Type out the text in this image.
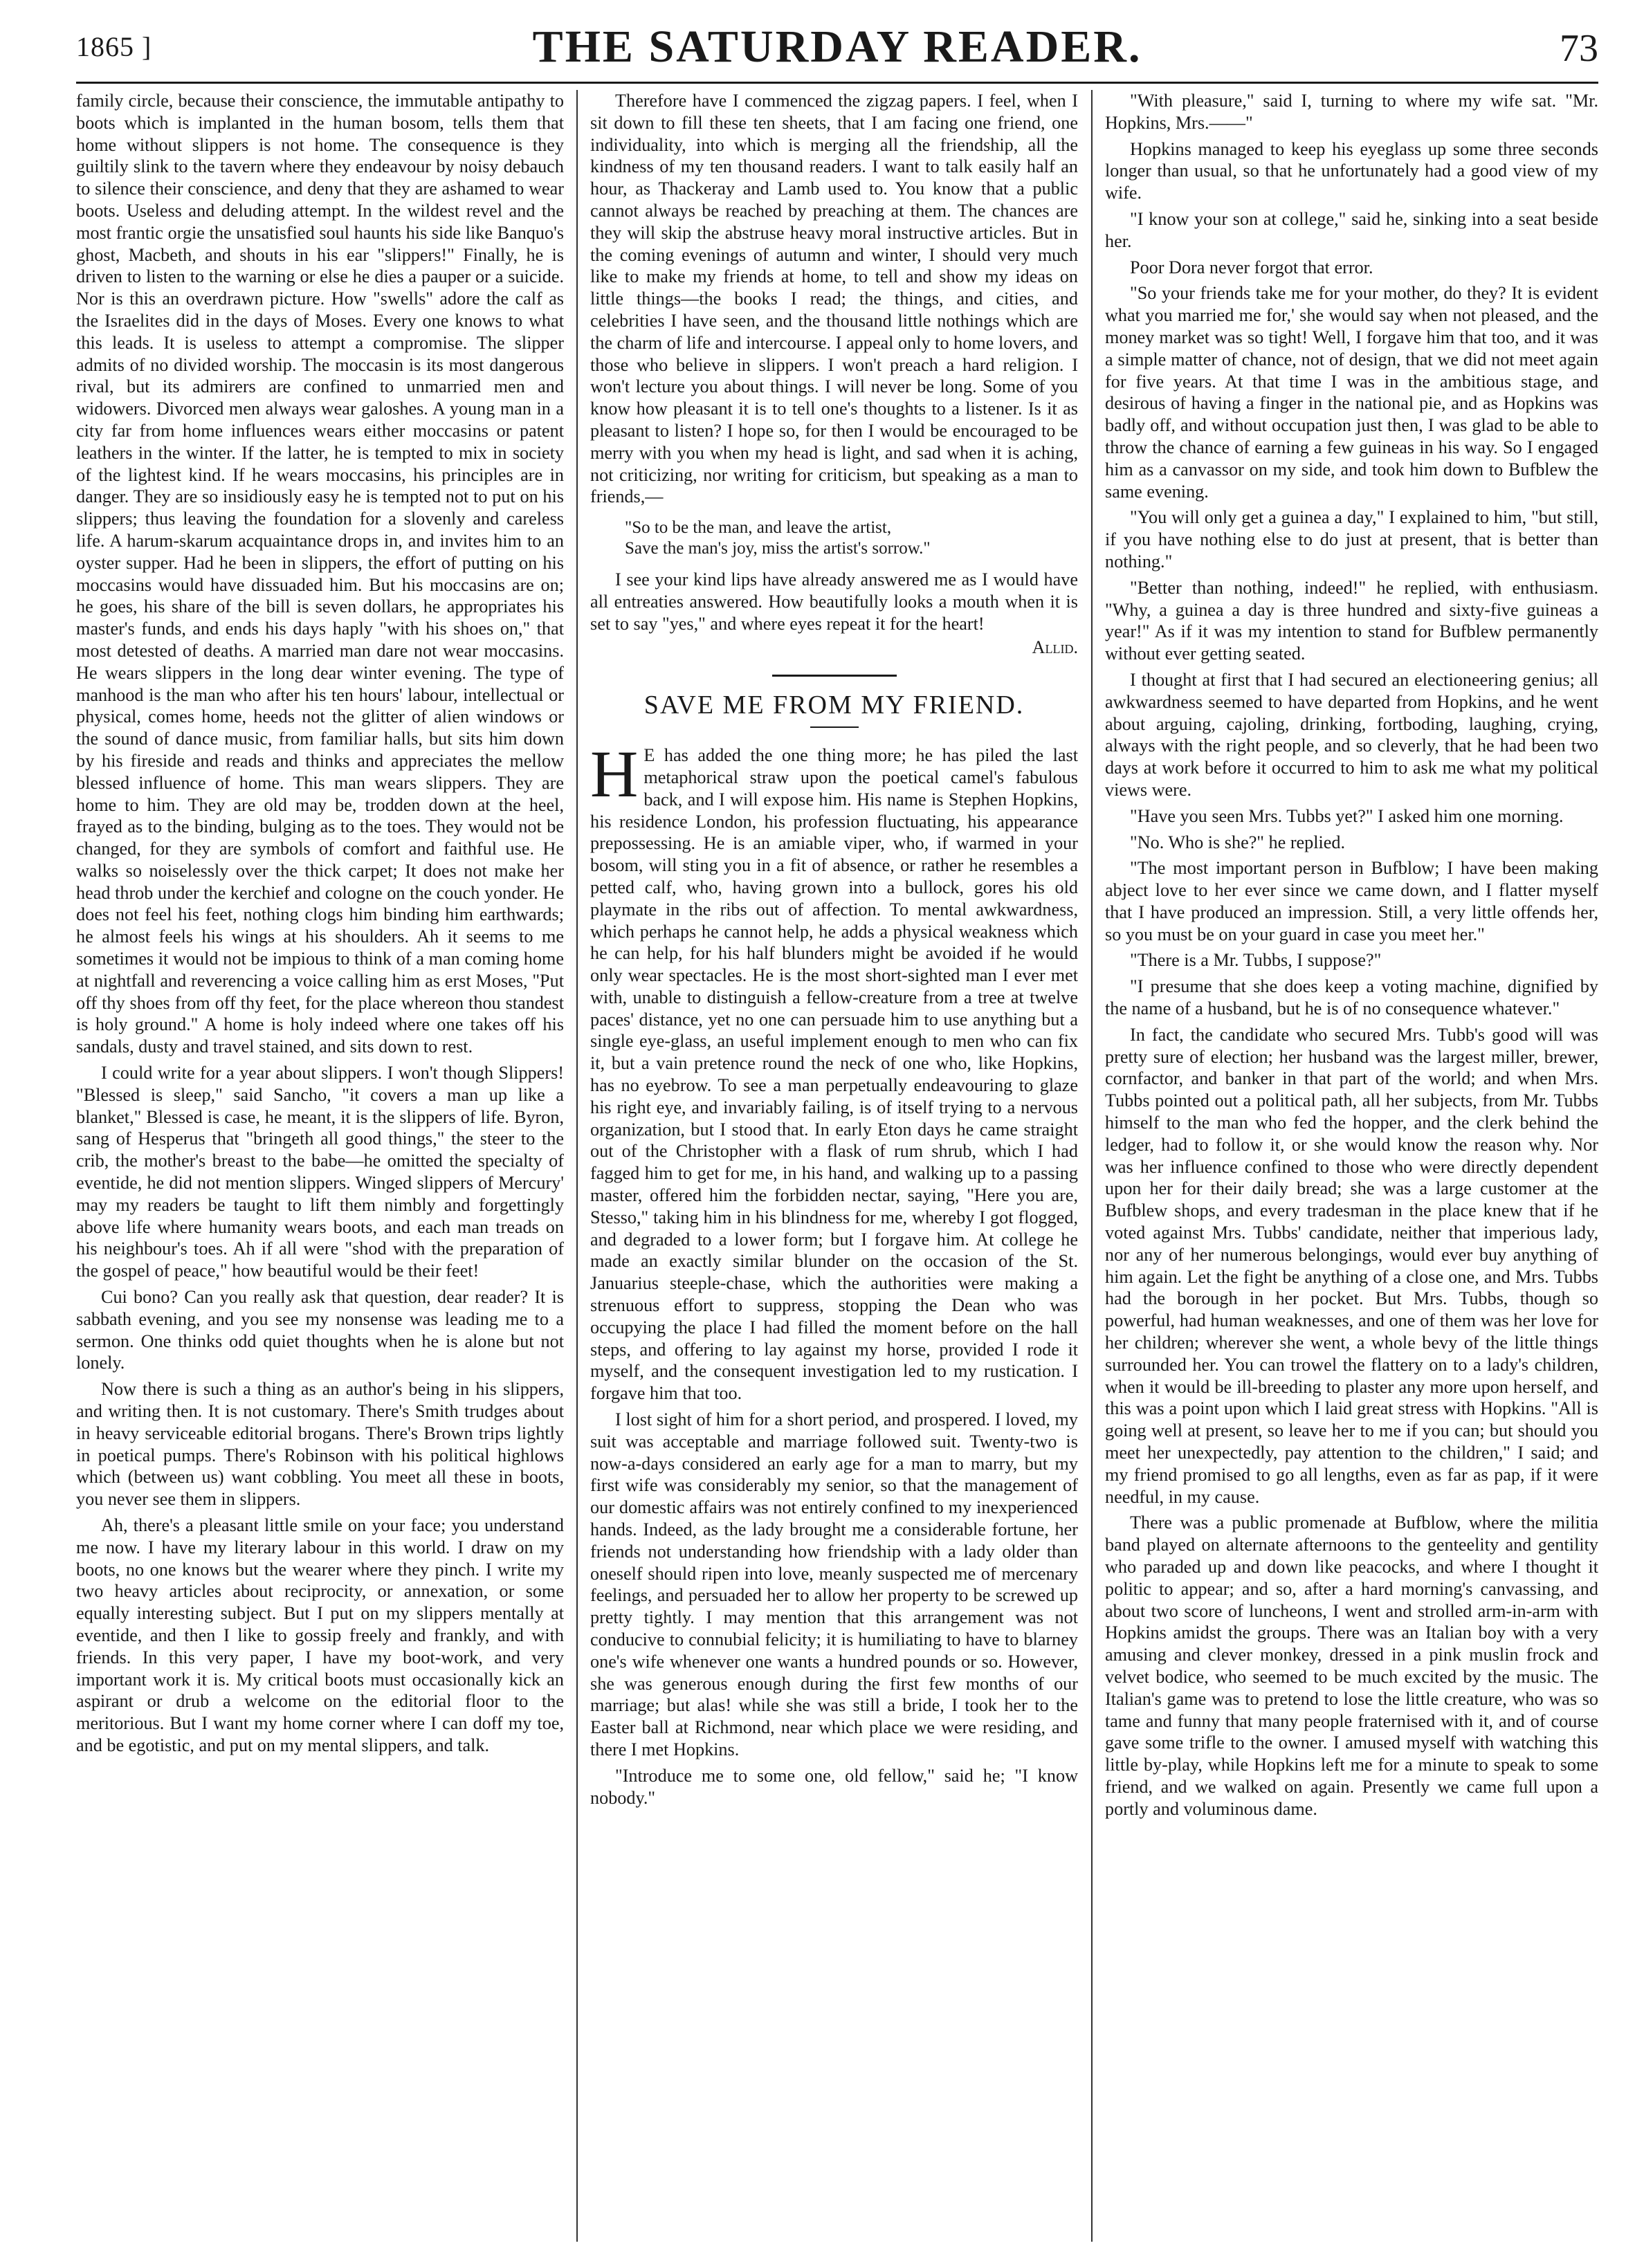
1865 ]	THE SATURDAY READER.	73

family circle, because their conscience, the immutable antipathy to boots which is implanted in the human bosom, tells them that home without slippers is not home. The consequence is they guiltily slink to the tavern where they endeavour by noisy debauch to silence their conscience, and deny that they are ashamed to wear boots. Useless and deluding attempt. In the wildest revel and the most frantic orgie the unsatisfied soul haunts his side like Banquo's ghost, Macbeth, and shouts in his ear "slippers!" Finally, he is driven to listen to the warning or else he dies a pauper or a suicide. Nor is this an overdrawn picture. How "swells" adore the calf as the Israelites did in the days of Moses. Every one knows to what this leads. It is useless to attempt a compromise. The slipper admits of no divided worship. The moccasin is its most dangerous rival, but its admirers are confined to unmarried men and widowers. Divorced men always wear galoshes. A young man in a city far from home influences wears either moccasins or patent leathers in the winter. If the latter, he is tempted to mix in society of the lightest kind. If he wears moccasins, his principles are in danger. They are so insidiously easy he is tempted not to put on his slippers; thus leaving the foundation for a slovenly and careless life. A harum-skarum acquaintance drops in, and invites him to an oyster supper. Had he been in slippers, the effort of putting on his moccasins would have dissuaded him. But his moccasins are on; he goes, his share of the bill is seven dollars, he appropriates his master's funds, and ends his days haply "with his shoes on," that most detested of deaths. A married man dare not wear moccasins. He wears slippers in the long dear winter evening. The type of manhood is the man who after his ten hours' labour, intellectual or physical, comes home, heeds not the glitter of alien windows or the sound of dance music, from familiar halls, but sits him down by his fireside and reads and thinks and appreciates the mellow blessed influence of home. This man wears slippers. They are home to him. They are old may be, trodden down at the heel, frayed as to the binding, bulging as to the toes. They would not be changed, for they are symbols of comfort and faithful use. He walks so noiselessly over the thick carpet; It does not make her head throb under the kerchief and cologne on the couch yonder. He does not feel his feet, nothing clogs him binding him earthwards; he almost feels his wings at his shoulders. Ah it seems to me sometimes it would not be impious to think of a man coming home at nightfall and reverencing a voice calling him as erst Moses, "Put off thy shoes from off thy feet, for the place whereon thou standest is holy ground." A home is holy indeed where one takes off his sandals, dusty and travel stained, and sits down to rest.

I could write for a year about slippers. I won't though Slippers! "Blessed is sleep," said Sancho, "it covers a man up like a blanket," Blessed is case, he meant, it is the slippers of life. Byron, sang of Hesperus that "bringeth all good things," the steer to the crib, the mother's breast to the babe—he omitted the specialty of eventide, he did not mention slippers. Winged slippers of Mercury' may my readers be taught to lift them nimbly and forgettingly above life where humanity wears boots, and each man treads on his neighbour's toes. Ah if all were "shod with the preparation of the gospel of peace," how beautiful would be their feet!

Cui bono? Can you really ask that question, dear reader? It is sabbath evening, and you see my nonsense was leading me to a sermon. One thinks odd quiet thoughts when he is alone but not lonely.

Now there is such a thing as an author's being in his slippers, and writing then. It is not customary. There's Smith trudges about in heavy serviceable editorial brogans. There's Brown trips lightly in poetical pumps. There's Robinson with his political highlows which (between us) want cobbling. You meet all these in boots, you never see them in slippers.

Ah, there's a pleasant little smile on your face; you understand me now. I have my literary labour in this world. I draw on my boots, no one knows but the wearer where they pinch. I write my two heavy articles about reciprocity, or annexation, or some equally interesting subject. But I put on my slippers mentally at eventide, and then I like to gossip freely and frankly, and with friends. In this very paper, I have my boot-work, and very important work it is. My critical boots must occasionally kick an aspirant or drub a welcome on the editorial floor to the meritorious. But I want my home corner where I can doff my toe, and be egotistic, and put on my mental slippers, and talk.

Therefore have I commenced the zigzag papers. I feel, when I sit down to fill these ten sheets, that I am facing one friend, one individuality, into which is merging all the friendship, all the kindness of my ten thousand readers. I want to talk easily half an hour, as Thackeray and Lamb used to. You know that a public cannot always be reached by preaching at them. The chances are they will skip the abstruse heavy moral instructive articles. But in the coming evenings of autumn and winter, I should very much like to make my friends at home, to tell and show my ideas on little things—the books I read; the things, and cities, and celebrities I have seen, and the thousand little nothings which are the charm of life and intercourse. I appeal only to home lovers, and those who believe in slippers. I won't preach a hard religion. I won't lecture you about things. I will never be long. Some of you know how pleasant it is to tell one's thoughts to a listener. Is it as pleasant to listen? I hope so, for then I would be encouraged to be merry with you when my head is light, and sad when it is aching, not criticizing, nor writing for criticism, but speaking as a man to friends,—

"So to be the man, and leave the artist,
Save the man's joy, miss the artist's sorrow."

I see your kind lips have already answered me as I would have all entreaties answered. How beautifully looks a mouth when it is set to say "yes," and where eyes repeat it for the heart!

Allid.
SAVE ME FROM MY FRIEND.

H E has added the one thing more; he has piled the last metaphorical straw upon the poetical camel's fabulous back, and I will expose him. His name is Stephen Hopkins, his residence London, his profession fluctuating, his appearance prepossessing. He is an amiable viper, who, if warmed in your bosom, will sting you in a fit of absence, or rather he resembles a petted calf, who, having grown into a bullock, gores his old playmate in the ribs out of affection. To mental awkwardness, which perhaps he cannot help, he adds a physical weakness which he can help, for his half blunders might be avoided if he would only wear spectacles. He is the most short-sighted man I ever met with, unable to distinguish a fellow-creature from a tree at twelve paces' distance, yet no one can persuade him to use anything but a single eye-glass, an useful implement enough to men who can fix it, but a vain pretence round the neck of one who, like Hopkins, has no eyebrow. To see a man perpetually endeavouring to glaze his right eye, and invariably failing, is of itself trying to a nervous organization, but I stood that. In early Eton days he came straight out of the Christopher with a flask of rum shrub, which I had fagged him to get for me, in his hand, and walking up to a passing master, offered him the forbidden nectar, saying, "Here you are, Stesso," taking him in his blindness for me, whereby I got flogged, and degraded to a lower form; but I forgave him. At college he made an exactly similar blunder on the occasion of the St. Januarius steeple-chase, which the authorities were making a strenuous effort to suppress, stopping the Dean who was occupying the place I had filled the moment before on the hall steps, and offering to lay against my horse, provided I rode it myself, and the consequent investigation led to my rustication. I forgave him that too.

I lost sight of him for a short period, and prospered. I loved, my suit was acceptable and marriage followed suit. Twenty-two is now-a-days considered an early age for a man to marry, but my first wife was considerably my senior, so that the management of our domestic affairs was not entirely confined to my inexperienced hands. Indeed, as the lady brought me a considerable fortune, her friends not understanding how friendship with a lady older than oneself should ripen into love, meanly suspected me of mercenary feelings, and persuaded her to allow her property to be screwed up pretty tightly. I may mention that this arrangement was not conducive to connubial felicity; it is humiliating to have to blarney one's wife whenever one wants a hundred pounds or so. However, she was generous enough during the first few months of our marriage; but alas! while she was still a bride, I took her to the Easter ball at Richmond, near which place we were residing, and there I met Hopkins.

"Introduce me to some one, old fellow," said he; "I know nobody."

"With pleasure," said I, turning to where my wife sat. "Mr. Hopkins, Mrs.——"

Hopkins managed to keep his eyeglass up some three seconds longer than usual, so that he unfortunately had a good view of my wife.

"I know your son at college," said he, sinking into a seat beside her.

Poor Dora never forgot that error.

"So your friends take me for your mother, do they? It is evident what you married me for,' she would say when not pleased, and the money market was so tight! Well, I forgave him that too, and it was a simple matter of chance, not of design, that we did not meet again for five years. At that time I was in the ambitious stage, and desirous of having a finger in the national pie, and as Hopkins was badly off, and without occupation just then, I was glad to be able to throw the chance of earning a few guineas in his way. So I engaged him as a canvassor on my side, and took him down to Bufblew the same evening.

"You will only get a guinea a day," I explained to him, "but still, if you have nothing else to do just at present, that is better than nothing."

"Better than nothing, indeed!" he replied, with enthusiasm. "Why, a guinea a day is three hundred and sixty-five guineas a year!" As if it was my intention to stand for Bufblew permanently without ever getting seated.

I thought at first that I had secured an electioneering genius; all awkwardness seemed to have departed from Hopkins, and he went about arguing, cajoling, drinking, fortboding, laughing, crying, always with the right people, and so cleverly, that he had been two days at work before it occurred to him to ask me what my political views were.

"Have you seen Mrs. Tubbs yet?" I asked him one morning.

"No. Who is she?" he replied.

"The most important person in Bufblow; I have been making abject love to her ever since we came down, and I flatter myself that I have produced an impression. Still, a very little offends her, so you must be on your guard in case you meet her."

"There is a Mr. Tubbs, I suppose?"

"I presume that she does keep a voting machine, dignified by the name of a husband, but he is of no consequence whatever."

In fact, the candidate who secured Mrs. Tubb's good will was pretty sure of election; her husband was the largest miller, brewer, cornfactor, and banker in that part of the world; and when Mrs. Tubbs pointed out a political path, all her subjects, from Mr. Tubbs himself to the man who fed the hopper, and the clerk behind the ledger, had to follow it, or she would know the reason why. Nor was her influence confined to those who were directly dependent upon her for their daily bread; she was a large customer at the Bufblew shops, and every tradesman in the place knew that if he voted against Mrs. Tubbs' candidate, neither that imperious lady, nor any of her numerous belongings, would ever buy anything of him again. Let the fight be anything of a close one, and Mrs. Tubbs had the borough in her pocket. But Mrs. Tubbs, though so powerful, had human weaknesses, and one of them was her love for her children; wherever she went, a whole bevy of the little things surrounded her. You can trowel the flattery on to a lady's children, when it would be ill-breeding to plaster any more upon herself, and this was a point upon which I laid great stress with Hopkins. "All is going well at present, so leave her to me if you can; but should you meet her unexpectedly, pay attention to the children," I said; and my friend promised to go all lengths, even as far as pap, if it were needful, in my cause.

There was a public promenade at Bufblow, where the militia band played on alternate afternoons to the genteelity and gentility who paraded up and down like peacocks, and where I thought it politic to appear; and so, after a hard morning's canvassing, and about two score of luncheons, I went and strolled arm-in-arm with Hopkins amidst the groups. There was an Italian boy with a very amusing and clever monkey, dressed in a pink muslin frock and velvet bodice, who seemed to be much excited by the music. The Italian's game was to pretend to lose the little creature, who was so tame and funny that many people fraternised with it, and of course gave some trifle to the owner. I amused myself with watching this little by-play, while Hopkins left me for a minute to speak to some friend, and we walked on again. Presently we came full upon a portly and voluminous dame.
